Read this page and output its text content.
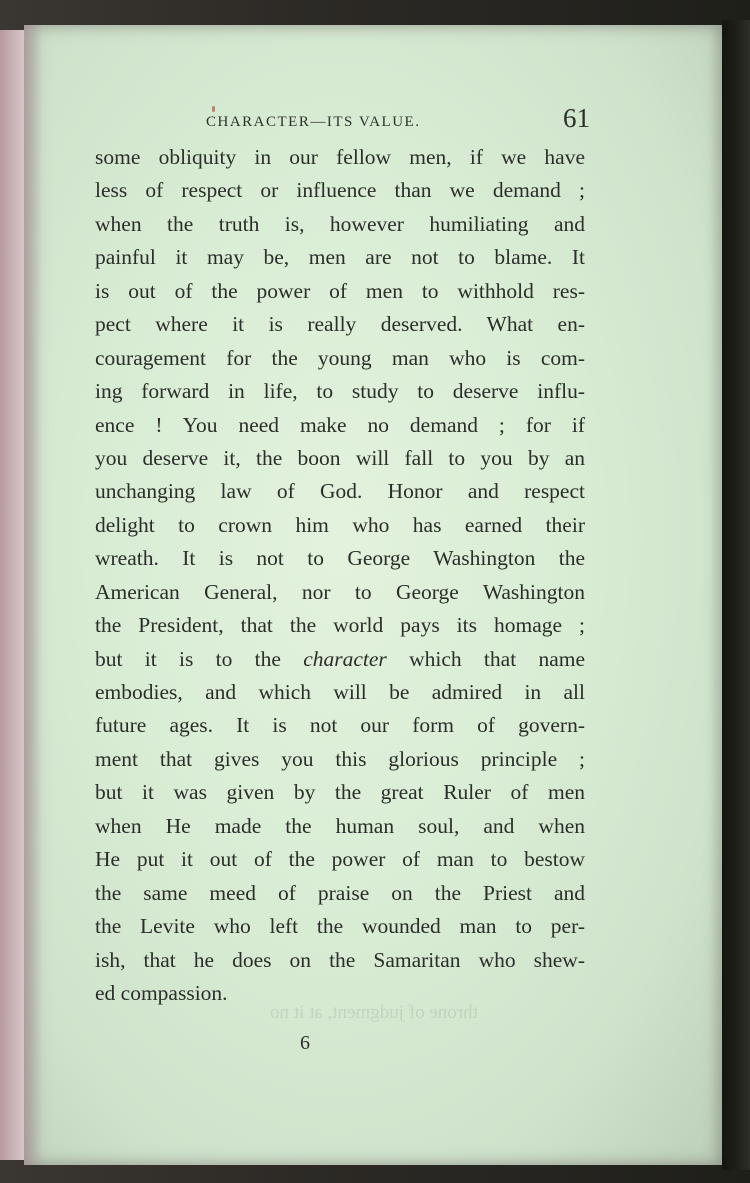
CHARACTER—ITS VALUE.	61
throne of judgment, at it no
some obliquity in our fellow men, if we have
less of respect or influence than we demand ;
when the truth is, however humiliating and
painful it may be, men are not to blame. It
is out of the power of men to withhold res-
pect where it is really deserved. What en-
couragement for the young man who is com-
ing forward in life, to study to deserve influ-
ence ! You need make no demand ; for if
you deserve it, the boon will fall to you by an
unchanging law of God. Honor and respect
delight to crown him who has earned their
wreath. It is not to George Washington the
American General, nor to George Washington
the President, that the world pays its homage ;
but it is to the character which that name
embodies, and which will be admired in all
future ages. It is not our form of govern-
ment that gives you this glorious principle ;
but it was given by the great Ruler of men
when He made the human soul, and when
He put it out of the power of man to bestow
the same meed of praise on the Priest and
the Levite who left the wounded man to per-
ish, that he does on the Samaritan who shew-
ed compassion.
6
